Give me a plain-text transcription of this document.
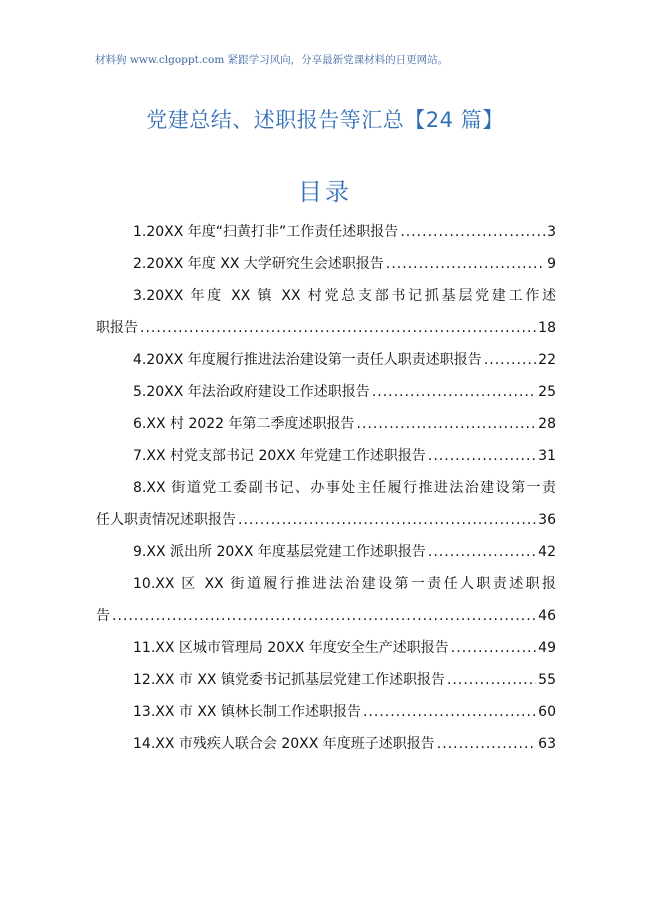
材料狗 www.clgoppt.com 紧跟学习风向，分享最新党课材料的日更网站。
党建总结、述职报告等汇总【24 篇】
目录
1.20XX 年度“扫黄打非”工作责任述职报告 .....	3
2.20XX 年度 XX 大学研究生会述职报告 .....	9
3.20XX 年度 XX 镇 XX 村党总支部书记抓基层党建工作述
职报告 .....	18
4.20XX 年度履行推进法治建设第一责任人职责述职报告 .....	22
5.20XX 年法治政府建设工作述职报告 .....	25
6.XX 村 2022 年第二季度述职报告 .....	28
7.XX 村党支部书记 20XX 年党建工作述职报告 .....	31
8.XX 街道党工委副书记、办事处主任履行推进法治建设第一责
任人职责情况述职报告 .....	36
9.XX 派出所 20XX 年度基层党建工作述职报告 .....	42
10.XX 区 XX 街道履行推进法治建设第一责任人职责述职报
告 .....	46
11.XX 区城市管理局 20XX 年度安全生产述职报告 .....	49
12.XX 市 XX 镇党委书记抓基层党建工作述职报告 .....	55
13.XX 市 XX 镇林长制工作述职报告 .....	60
14.XX 市残疾人联合会 20XX 年度班子述职报告 .....	63
